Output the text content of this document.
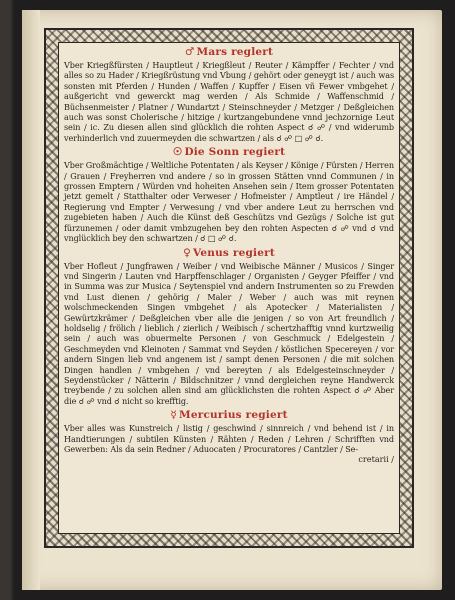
♂ Mars reglert
Vber Kriegßfürsten / Hauptleut / Kriegßleut / Reuter / Kämpffer / Fechter / vnd alles so zu Hader / Kriegßrüstung vnd Vbung / gehört oder geneygt ist / auch was sonsten mit Pferden / Hunden / Waffen / Kupffer / Eisen vñ Fewer vmbgehet / außgericht vnd gewerckt mag werden / Als Schmide / Waffenschmid / Büchsenmeister / Platner / Wundartzt / Steinschneyder / Metzger / Deßgleichen auch was sonst Cholerische / hitzige / kurtzangebundene vnnd jechzornige Leut sein / ic. Zu diesen allen sind glücklich die rohten Aspect ☌ ☍ / vnd widerumb verhinderlich vnd zuuermeyden die schwartzen / als ☌ ☍ □ ☍ ☌.
☉ Die Sonn regiert
Vber Großmächtige / Weltliche Potentaten / als Keyser / Könige / Fürsten / Herren / Grauen / Freyherren vnd andere / so in grossen Stätten vnnd Communen / in grossen Emptern / Würden vnd hoheiten Ansehen sein / Item grosser Potentaten jetzt gemelt / Statthalter oder Verweser / Hofmeister / Amptleut / ire Händel / Regierung vnd Empter / Verwesung / vnd vber andere Leut zu herrschen vnd zugebieten haben / Auch die Künst deß Geschützs vnd Gezügs / Solche ist gut fürzunemen / oder damit vmbzugehen bey den rohten Aspecten ☌ ☍ vnd ☌ vnd vnglücklich bey den schwartzen / ☌ □ ☍ ☌.
♀ Venus regiert
Vber Hofleut / Jungfrawen / Weiber / vnd Weibische Männer / Musicos / Singer vnd Singerin / Lauten vnd Harpffenschlager / Organisten / Geyger Pfeiffer / vnd in Summa was zur Musica / Seytenspiel vnd andern Instrumenten so zu Frewden vnd Lust dienen / gehörig / Maler / Weber / auch was mit reynen wolschmeckenden Singen vmbgehet / als Apotecker / Materialisten / Gewürtzkrämer / Deßgleichen vber alle die jenigen / so von Art freundlich / holdselig / frölich / lieblich / zierlich / Weibisch / schertzhafftig vnnd kurtzweilig sein / auch was obuermelte Personen / von Geschmuck / Edelgestein / Geschmeyden vnd Kleinoten / Sammat vnd Seyden / köstlichen Specereyen / vor andern Singen lieb vnd angenem ist / sampt denen Personen / die mit solchen Dingen handlen / vmbgehen / vnd bereyten / als Edelgesteinschneyder / Seydenstücker / Nätterin / Bildschnitzer / vnnd dergleichen reyne Handwerck treybende / zu solchen allen sind am glücklichsten die rohten Aspect ☌ ☍ Aber die ☌ ☍ vnd ☌ nicht so krefftig.
☿ Mercurius regiert
Vber alles was Kunstreich / listig / geschwind / sinnreich / vnd behend ist / in Handtierungen / subtilen Künsten / Rähten / Reden / Lehren / Schrifften vnd Gewerben: Als da sein Redner / Aduocaten / Procuratores / Cantzler / Se-
cretarii /
